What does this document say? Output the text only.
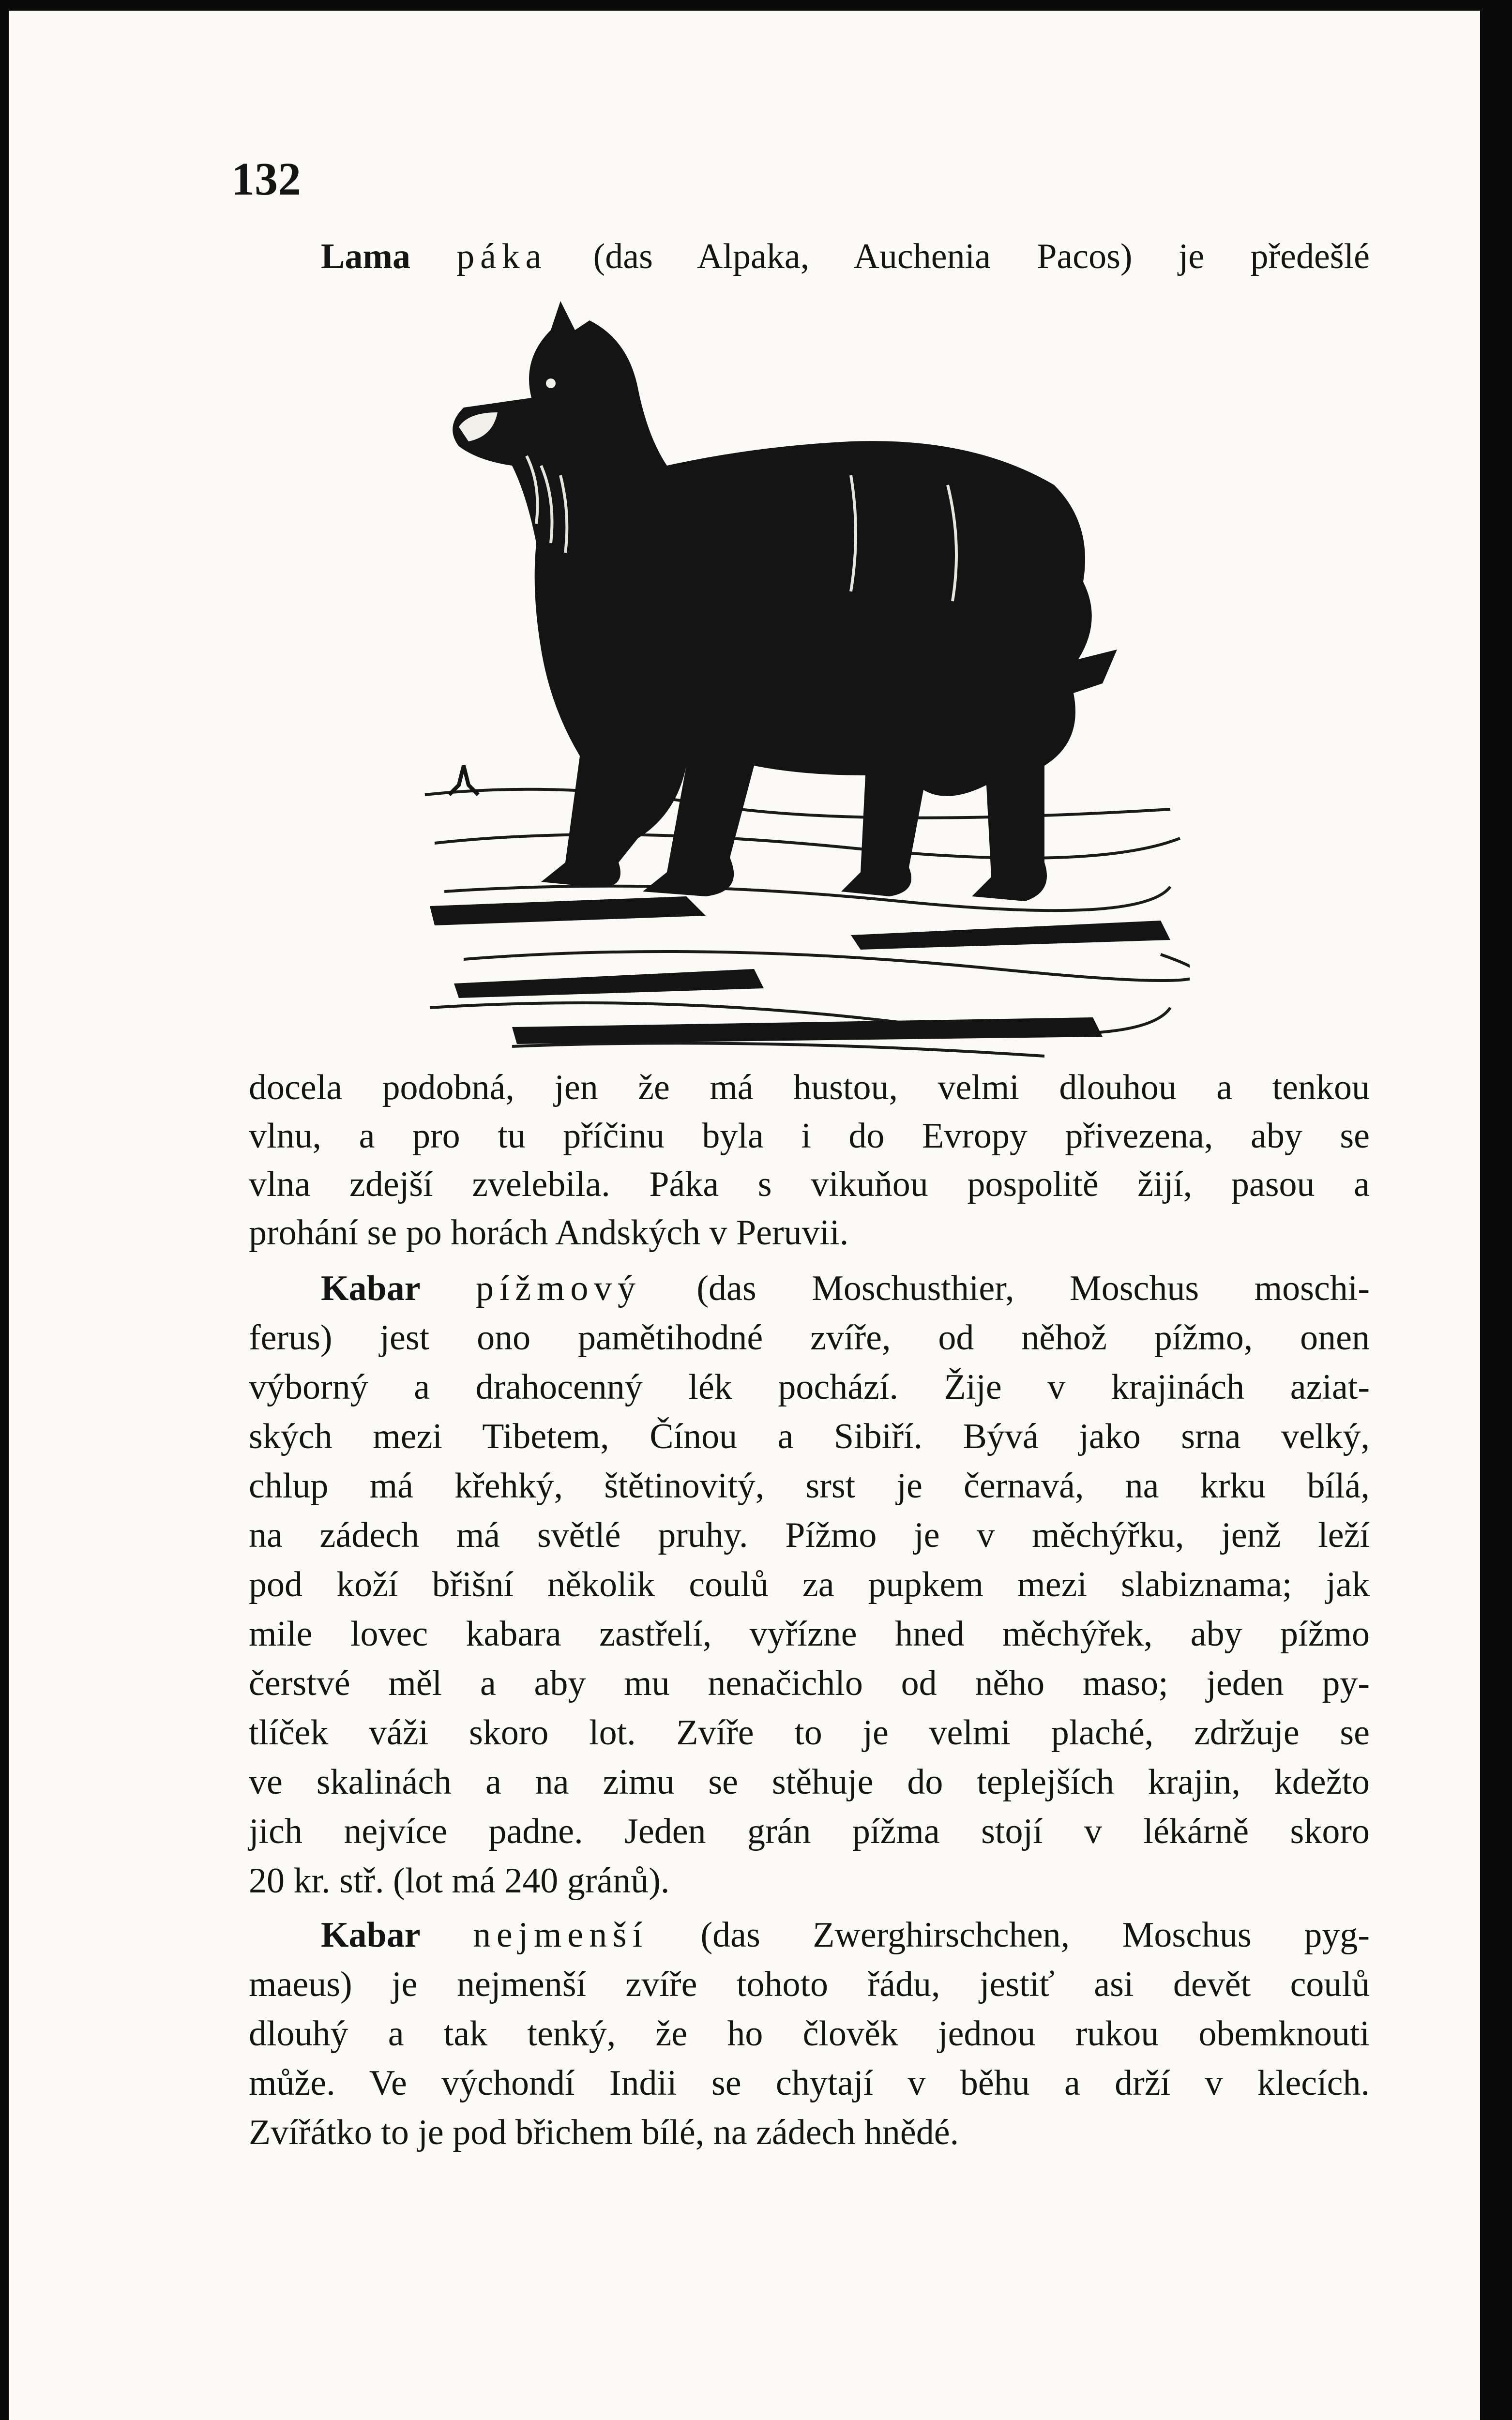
132
Lama páka (das Alpaka, Auchenia Pacos) je předešlé
docela podobná, jen že má hustou, velmi dlouhou a tenkou
vlnu, a pro tu příčinu byla i do Evropy přivezena, aby se
vlna zdejší zvelebila. Páka s vikuňou pospolitě žijí, pasou a
prohání se po horách Andských v Peruvii.
Kabar pížmový (das Moschusthier, Moschus moschi-
ferus) jest ono pamětihodné zvíře, od něhož pížmo, onen
výborný a drahocenný lék pochází. Žije v krajinách aziat-
ských mezi Tibetem, Čínou a Sibiří. Bývá jako srna velký,
chlup má křehký, štětinovitý, srst je černavá, na krku bílá,
na zádech má světlé pruhy. Pížmo je v měchýřku, jenž leží
pod koží břišní několik coulů za pupkem mezi slabiznama; jak
mile lovec kabara zastřelí, vyřízne hned měchýřek, aby pížmo
čerstvé měl a aby mu nenačichlo od něho maso; jeden py-
tlíček váži skoro lot. Zvíře to je velmi plaché, zdržuje se
ve skalinách a na zimu se stěhuje do teplejších krajin, kdežto
jich nejvíce padne. Jeden grán pížma stojí v lékárně skoro
20 kr. stř. (lot má 240 gránů).
Kabar nejmenší (das Zwerghirschchen, Moschus pyg-
maeus) je nejmenší zvíře tohoto řádu, jestiť asi devět coulů
dlouhý a tak tenký, že ho člověk jednou rukou obemknouti
může. Ve výchondí Indii se chytají v běhu a drží v klecích.
Zvířátko to je pod břichem bílé, na zádech hnědé.
